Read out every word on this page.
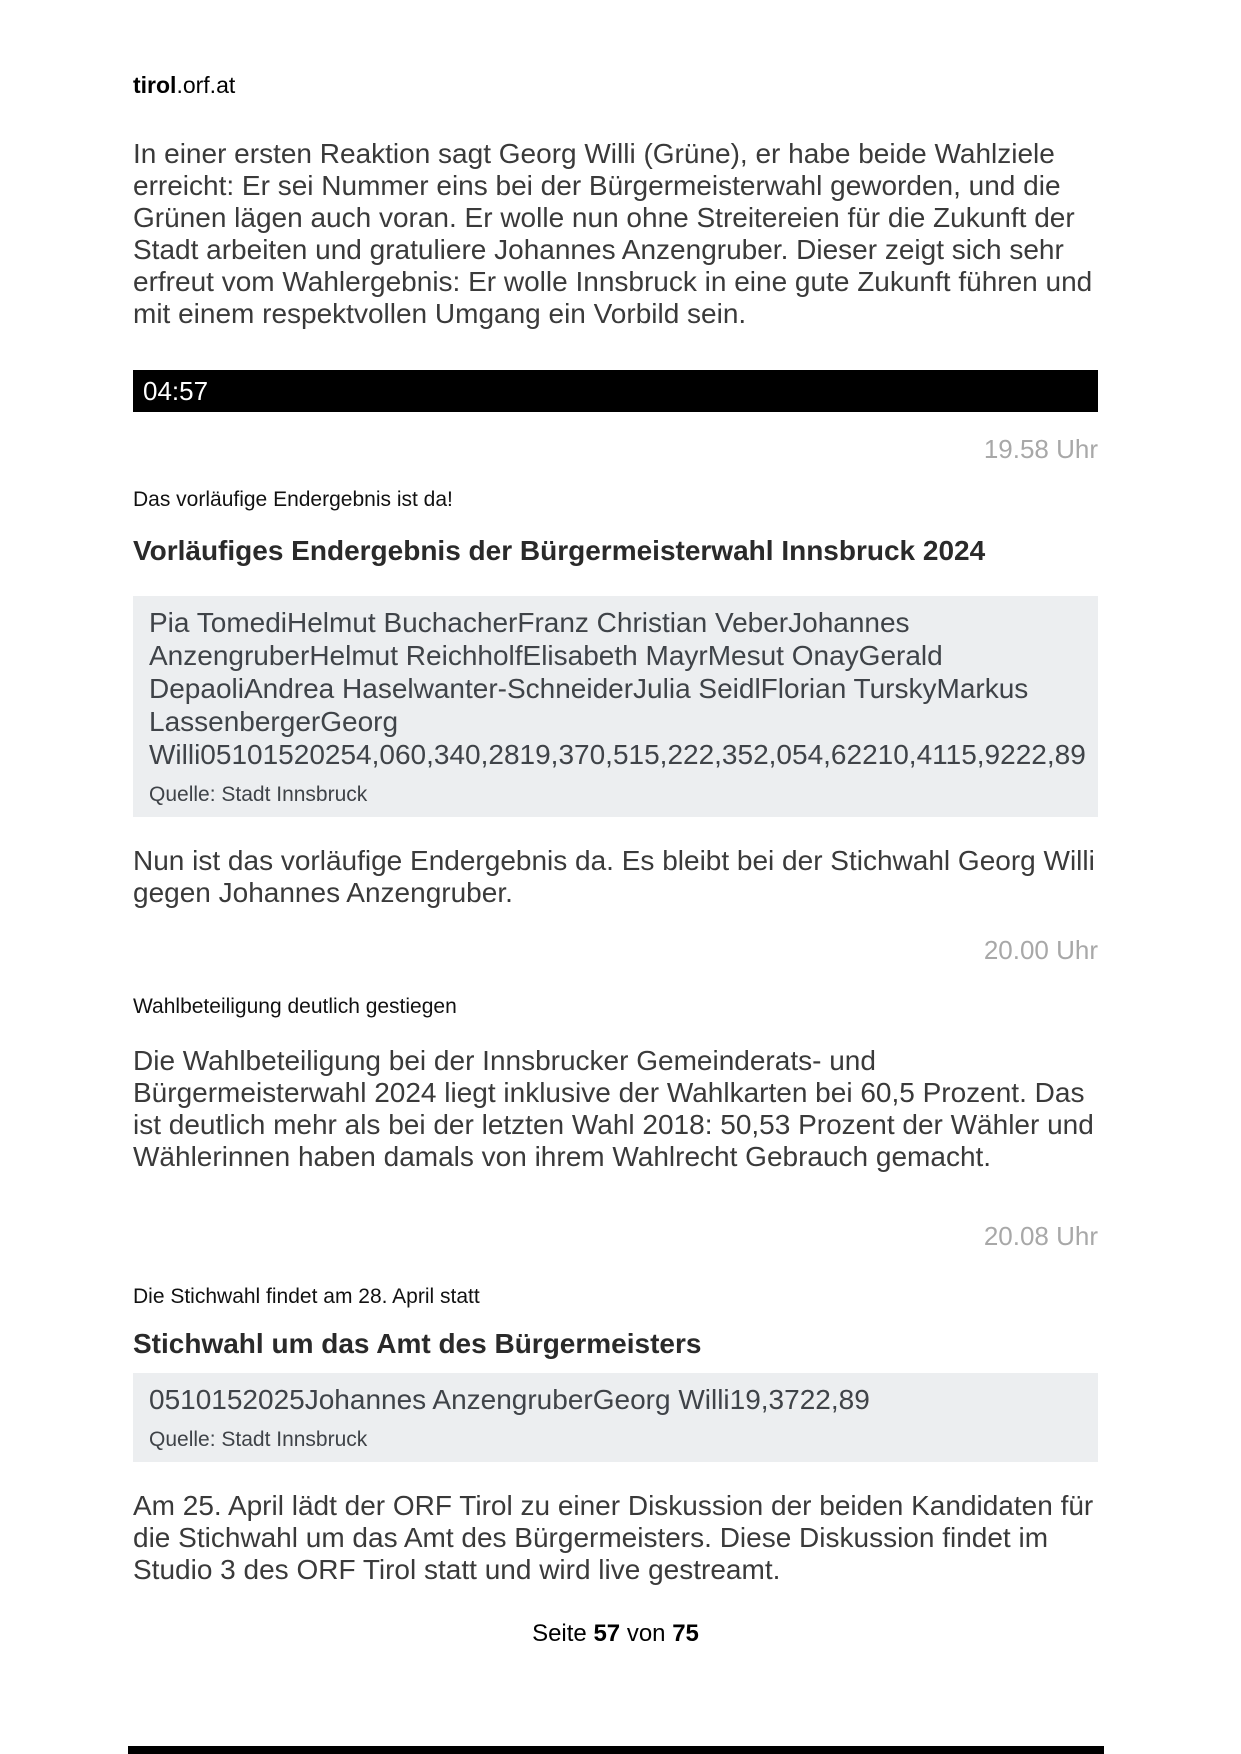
tirol.orf.at

In einer ersten Reaktion sagt Georg Willi (Grüne), er habe beide Wahlziele erreicht: Er sei Nummer eins bei der Bürgermeisterwahl geworden, und die Grünen lägen auch voran. Er wolle nun ohne Streitereien für die Zukunft der Stadt arbeiten und gratuliere Johannes Anzengruber. Dieser zeigt sich sehr erfreut vom Wahlergebnis: Er wolle Innsbruck in eine gute Zukunft führen und mit einem respektvollen Umgang ein Vorbild sein.

04:57
19.58 Uhr
Das vorläufige Endergebnis ist da!
Vorläufiges Endergebnis der Bürgermeisterwahl Innsbruck 2024

Pia TomediHelmut BuchacherFranz Christian VeberJohannes AnzengruberHelmut ReichholfElisabeth MayrMesut OnayGerald DepaoliAndrea Haselwanter-SchneiderJulia SeidlFlorian TurskyMarkus LassenbergerGeorg Willi05101520254,060,340,2819,370,515,222,352,054,62210,4115,9222,89

Quelle: Stadt Innsbruck

Nun ist das vorläufige Endergebnis da. Es bleibt bei der Stichwahl Georg Willi gegen Johannes Anzengruber.

20.00 Uhr
Wahlbeteiligung deutlich gestiegen

Die Wahlbeteiligung bei der Innsbrucker Gemeinderats- und Bürgermeisterwahl 2024 liegt inklusive der Wahlkarten bei 60,5 Prozent. Das ist deutlich mehr als bei der letzten Wahl 2018: 50,53 Prozent der Wähler und Wählerinnen haben damals von ihrem Wahlrecht Gebrauch gemacht.

20.08 Uhr
Die Stichwahl findet am 28. April statt
Stichwahl um das Amt des Bürgermeisters

0510152025Johannes AnzengruberGeorg Willi19,3722,89

Quelle: Stadt Innsbruck

Am 25. April lädt der ORF Tirol zu einer Diskussion der beiden Kandidaten für die Stichwahl um das Amt des Bürgermeisters. Diese Diskussion findet im Studio 3 des ORF Tirol statt und wird live gestreamt.

Seite 57 von 75
